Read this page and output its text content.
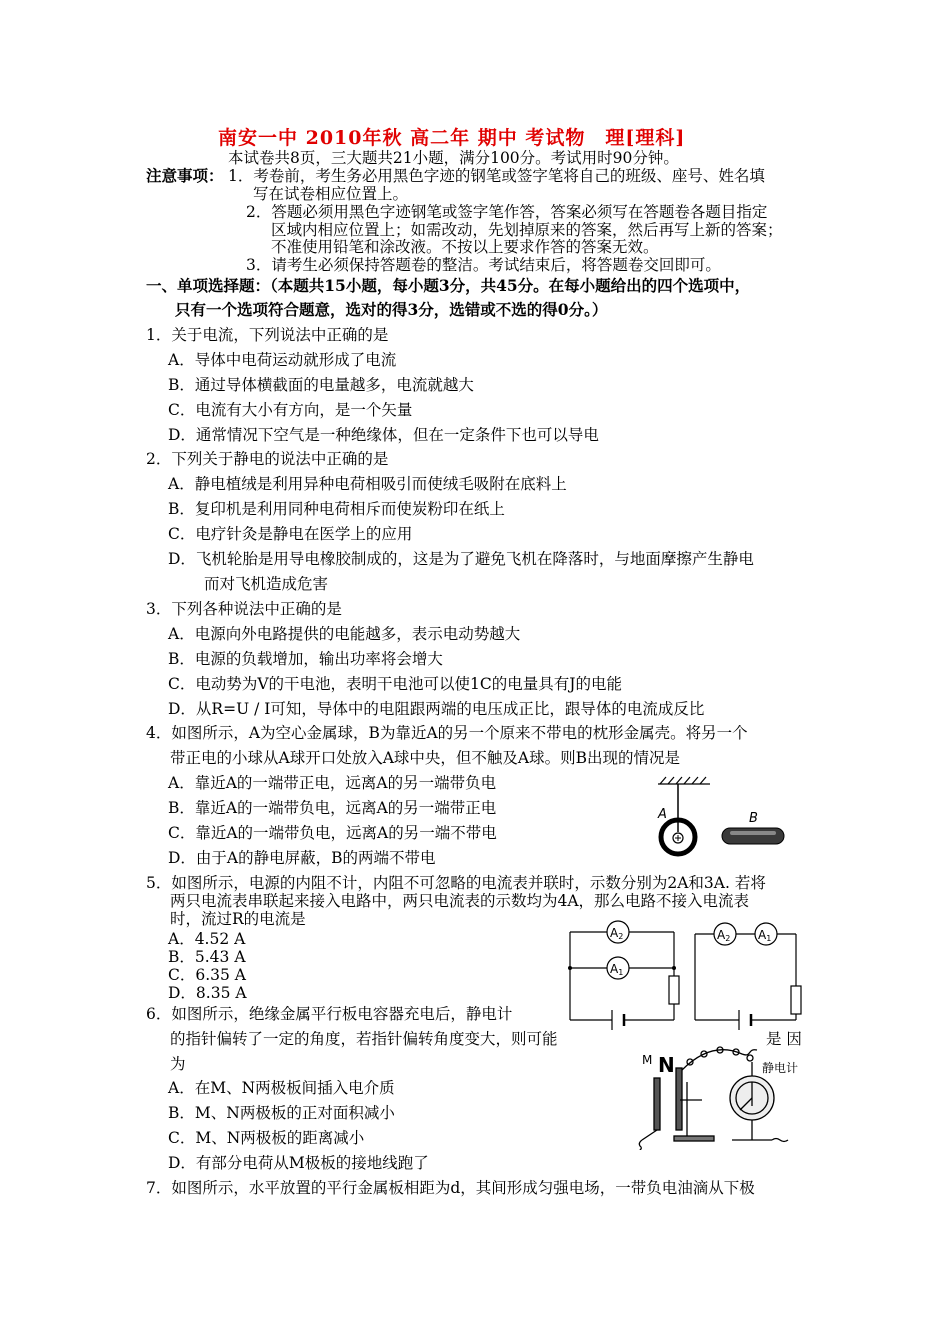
南安一中 2010年秋 高二年 期中 考试物　理[理科]
本试卷共8页，三大题共21小题，满分100分。考试用时90分钟。
注意事项： 1．考卷前，考生务必用黑色字迹的钢笔或签字笔将自己的班级、座号、姓名填
写在试卷相应位置上。
2．答题必须用黑色字迹钢笔或签字笔作答，答案必须写在答题卷各题目指定
区域内相应位置上；如需改动，先划掉原来的答案，然后再写上新的答案；
不准使用铅笔和涂改液。不按以上要求作答的答案无效。
3．请考生必须保持答题卷的整洁。考试结束后，将答题卷交回即可。
一、单项选择题：（本题共15小题，每小题3分，共45分。在每小题给出的四个选项中，
只有一个选项符合题意，选对的得3分，选错或不选的得0分。）
1．关于电流，下列说法中正确的是
A．导体中电荷运动就形成了电流
B．通过导体横截面的电量越多，电流就越大
C．电流有大小有方向，是一个矢量
D．通常情况下空气是一种绝缘体，但在一定条件下也可以导电
2．下列关于静电的说法中正确的是
A．静电植绒是利用异种电荷相吸引而使绒毛吸附在底料上
B．复印机是利用同种电荷相斥而使炭粉印在纸上
C．电疗针灸是静电在医学上的应用
D．飞机轮胎是用导电橡胶制成的，这是为了避免飞机在降落时，与地面摩擦产生静电
而对飞机造成危害
3．下列各种说法中正确的是
A．电源向外电路提供的电能越多，表示电动势越大
B．电源的负载增加，输出功率将会增大
C．电动势为V的干电池，表明干电池可以使1C的电量具有J的电能
D．从R=U / I可知，导体中的电阻跟两端的电压成正比，跟导体的电流成反比
4．如图所示，A为空心金属球，B为靠近A的另一个原来不带电的枕形金属壳。将另一个
带正电的小球从A球开口处放入A球中央，但不触及A球。则B出现的情况是
A．靠近A的一端带正电，远离A的另一端带负电
B．靠近A的一端带负电，远离A的另一端带正电
C．靠近A的一端带负电，远离A的另一端不带电
D．由于A的静电屏蔽，B的两端不带电
A	B
5．如图所示，电源的内阻不计，内阻不可忽略的电流表并联时，示数分别为2A和3A. 若将
两只电流表串联起来接入电路中，两只电流表的示数均为4A，那么电路不接入电流表
时，流过R的电流是
A．4.52 A
B．5.43 A
C．6.35 A
D．8.35 A
A2
A1
A2 A1
6．如图所示，绝缘金属平行板电容器充电后，静电计
的指针偏转了一定的角度，若指针偏转角度变大，则可能	是 因
为
A．在M、N两极板间插入电介质
B．M、N两极板的正对面积减小
C．M、N两极板的距离减小
D．有部分电荷从M极板的接地线跑了
M N	静电计
7．如图所示，水平放置的平行金属板相距为d，其间形成匀强电场，一带负电油滴从下极
